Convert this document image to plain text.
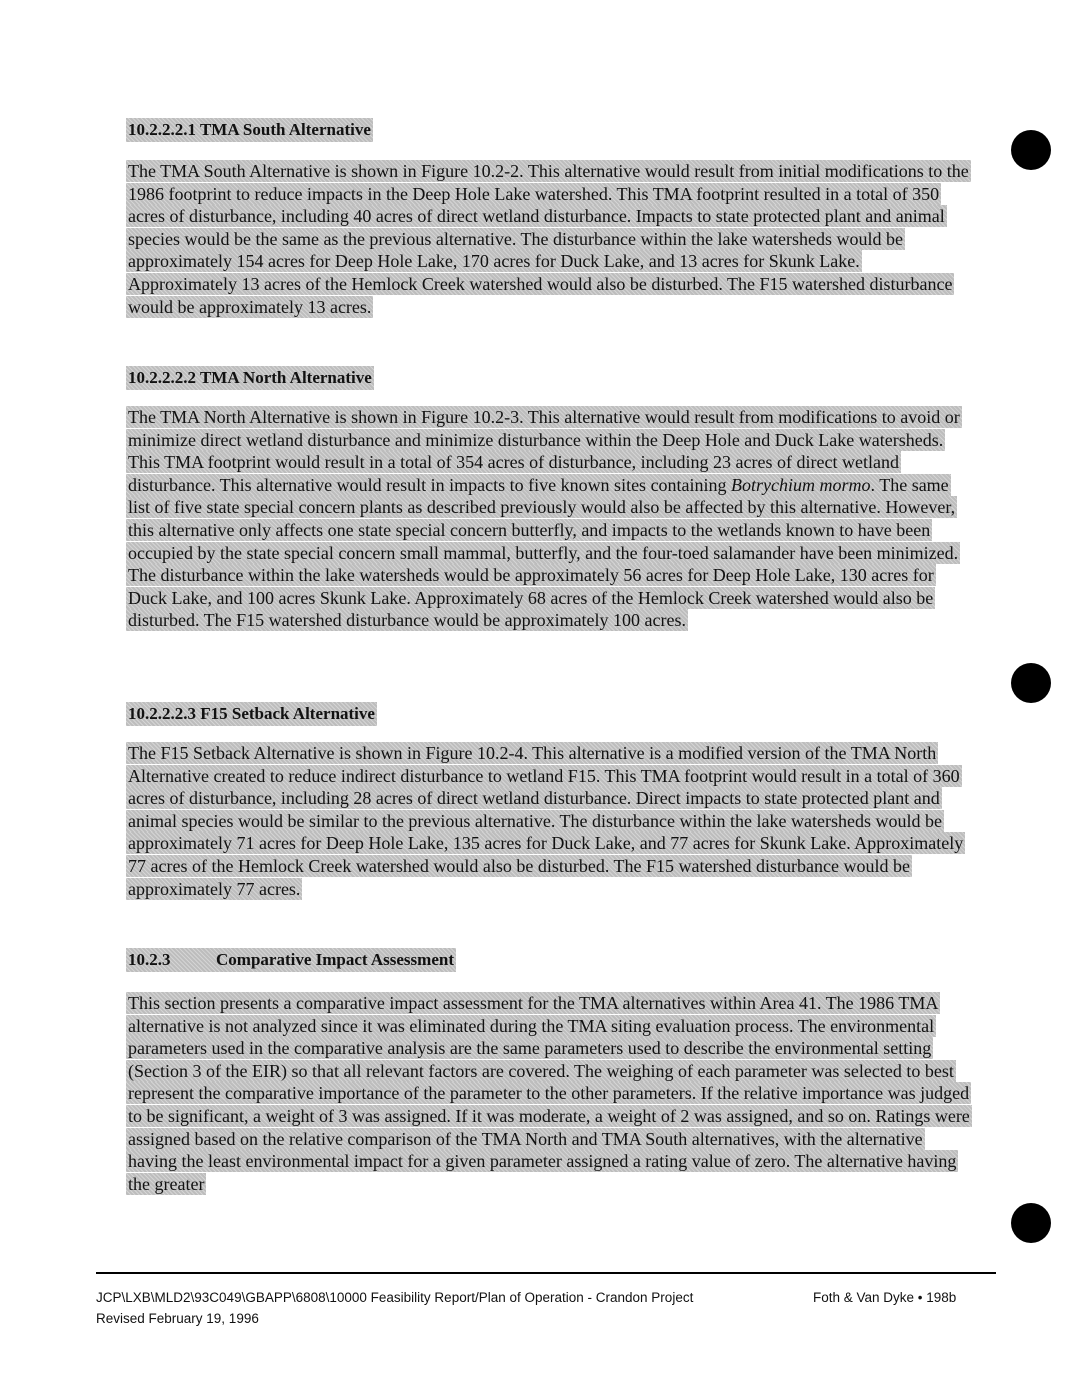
10.2.2.2.1 TMA South Alternative

The TMA South Alternative is shown in Figure 10.2-2. This alternative would result from initial modifications to the 1986 footprint to reduce impacts in the Deep Hole Lake watershed. This TMA footprint resulted in a total of 350 acres of disturbance, including 40 acres of direct wetland disturbance. Impacts to state protected plant and animal species would be the same as the previous alternative. The disturbance within the lake watersheds would be approximately 154 acres for Deep Hole Lake, 170 acres for Duck Lake, and 13 acres for Skunk Lake. Approximately 13 acres of the Hemlock Creek watershed would also be disturbed. The F15 watershed disturbance would be approximately 13 acres.

10.2.2.2.2 TMA North Alternative

The TMA North Alternative is shown in Figure 10.2-3. This alternative would result from modifications to avoid or minimize direct wetland disturbance and minimize disturbance within the Deep Hole and Duck Lake watersheds. This TMA footprint would result in a total of 354 acres of disturbance, including 23 acres of direct wetland disturbance. This alternative would result in impacts to five known sites containing Botrychium mormo. The same list of five state special concern plants as described previously would also be affected by this alternative. However, this alternative only affects one state special concern butterfly, and impacts to the wetlands known to have been occupied by the state special concern small mammal, butterfly, and the four-toed salamander have been minimized. The disturbance within the lake watersheds would be approximately 56 acres for Deep Hole Lake, 130 acres for Duck Lake, and 100 acres Skunk Lake. Approximately 68 acres of the Hemlock Creek watershed would also be disturbed. The F15 watershed disturbance would be approximately 100 acres.

10.2.2.2.3 F15 Setback Alternative

The F15 Setback Alternative is shown in Figure 10.2-4. This alternative is a modified version of the TMA North Alternative created to reduce indirect disturbance to wetland F15. This TMA footprint would result in a total of 360 acres of disturbance, including 28 acres of direct wetland disturbance. Direct impacts to state protected plant and animal species would be similar to the previous alternative. The disturbance within the lake watersheds would be approximately 71 acres for Deep Hole Lake, 135 acres for Duck Lake, and 77 acres for Skunk Lake. Approximately 77 acres of the Hemlock Creek watershed would also be disturbed. The F15 watershed disturbance would be approximately 77 acres.

10.2.3	Comparative Impact Assessment

This section presents a comparative impact assessment for the TMA alternatives within Area 41. The 1986 TMA alternative is not analyzed since it was eliminated during the TMA siting evaluation process. The environmental parameters used in the comparative analysis are the same parameters used to describe the environmental setting (Section 3 of the EIR) so that all relevant factors are covered. The weighing of each parameter was selected to best represent the comparative importance of the parameter to the other parameters. If the relative importance was judged to be significant, a weight of 3 was assigned. If it was moderate, a weight of 2 was assigned, and so on. Ratings were assigned based on the relative comparison of the TMA North and TMA South alternatives, with the alternative having the least environmental impact for a given parameter assigned a rating value of zero. The alternative having the greater

JCP\LXB\MLD2\93C049\GBAPP\6808\10000 Feasibility Report/Plan of Operation - Crandon Project
Revised February 19, 1996
Foth & Van Dyke • 198b
